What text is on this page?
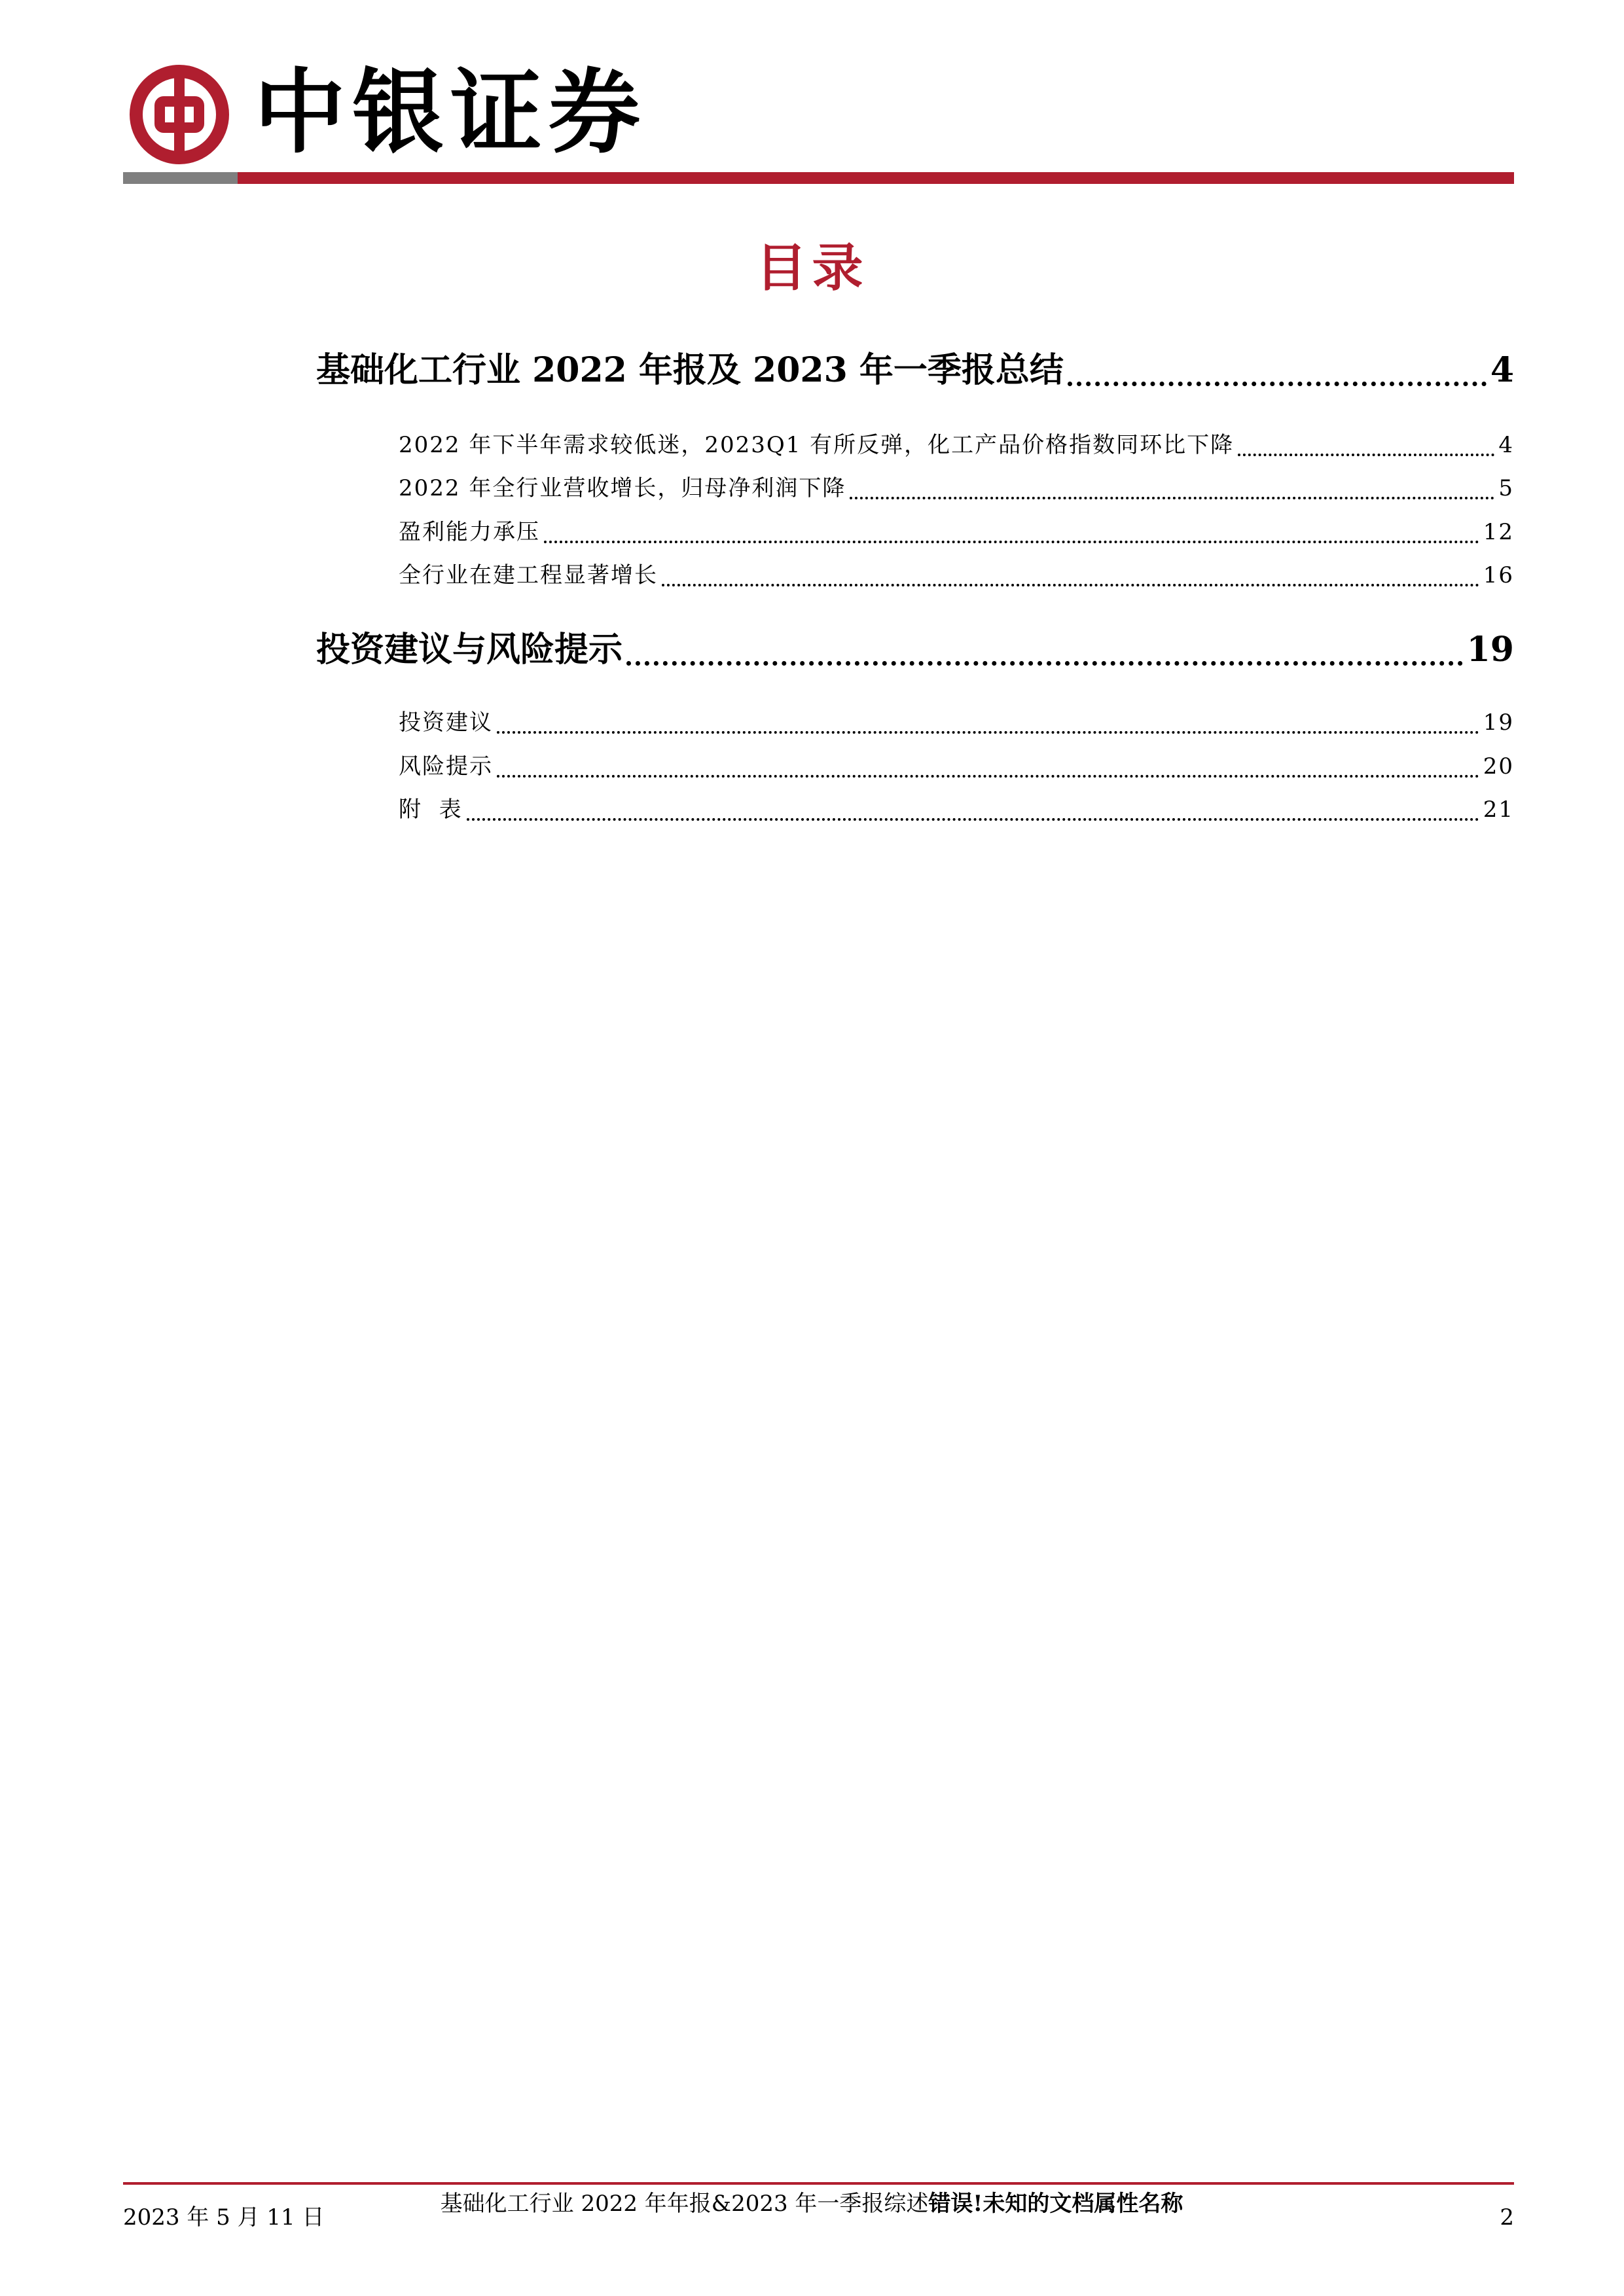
中银证券
目录
基础化工行业 2022 年报及 2023 年一季报总结	4
2022 年下半年需求较低迷，2023Q1 有所反弹，化工产品价格指数同环比下降	4
2022 年全行业营收增长，归母净利润下降	5
盈利能力承压	12
全行业在建工程显著增长	16
投资建议与风险提示	19
投资建议	19
风险提示	20
附  表	21
2023 年 5 月 11 日
基础化工行业 2022 年年报&2023 年一季报综述错误!未知的文档属性名称
2
